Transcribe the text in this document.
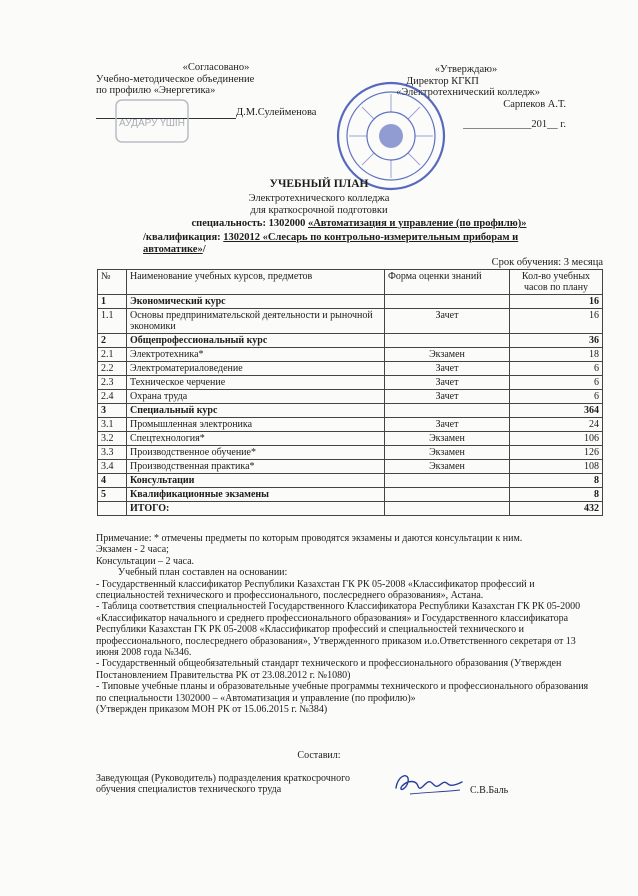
«Согласовано»
Учебно-методическое объединение
по профилю «Энергетика»
Д.М.Сулейменова
АУДАРУ ҮШІН
«Утверждаю»
Директор КГКП
«Электротехнический колледж»
Сарпеков А.Т.
_____________201__ г.
УЧЕБНЫЙ ПЛАН
Электротехнического колледжа
для краткосрочной подготовки
специальность: 1302000 «Автоматизация и управление (по профилю)»
/квалификация: 1302012 «Слесарь по контрольно-измерительным приборам и автоматике»/
Срок обучения: 3 месяца
№	Наименование учебных курсов, предметов	Форма оценки знаний	Кол-во учебных часов по плану
1	Экономический курс		16
1.1	Основы предпринимательской деятельности и рыночной экономики	Зачет	16
2	Общепрофессиональный курс		36
2.1	Электротехника*	Экзамен	18
2.2	Электроматериаловедение	Зачет	6
2.3	Техническое черчение	Зачет	6
2.4	Охрана труда	Зачет	6
3	Специальный курс		364
3.1	Промышленная электроника	Зачет	24
3.2	Спецтехнология*	Экзамен	106
3.3	Производственное обучение*	Экзамен	126
3.4	Производственная практика*	Экзамен	108
4	Консультации		8
5	Квалификационные экзамены		8
	ИТОГО:		432
Примечание: * отмечены предметы по которым проводятся экзамены и даются консультации к ним.
Экзамен - 2 часа;
Консультации – 2 часа.
Учебный план составлен на основании:
- Государственный классификатор Республики Казахстан ГК РК 05-2008 «Классификатор профессий и специальностей технического и профессионального, послесреднего образования», Астана.
- Таблица соответствия специальностей Государственного Классификатора Республики Казахстан ГК РК 05-2000 «Классификатор начального и среднего профессионального образования» и Государственного классификатора Республики Казахстан ГК РК 05-2008 «Классификатор профессий и специальностей технического и профессионального, послесреднего образования», Утвержденного приказом и.о.Ответственного секретаря от 13 июня 2008 года №346.
- Государственный общеобязательный стандарт технического и профессионального образования (Утвержден Постановлением Правительства РК от 23.08.2012 г. №1080)
- Типовые учебные планы и образовательные учебные программы технического и профессионального образования по специальности 1302000 – «Автоматизация и управление (по профилю)»
(Утвержден приказом МОН РК от 15.06.2015 г. №384)
Составил:
Заведующая (Руководитель) подразделения краткосрочного
обучения специалистов технического труда	С.В.Баль
